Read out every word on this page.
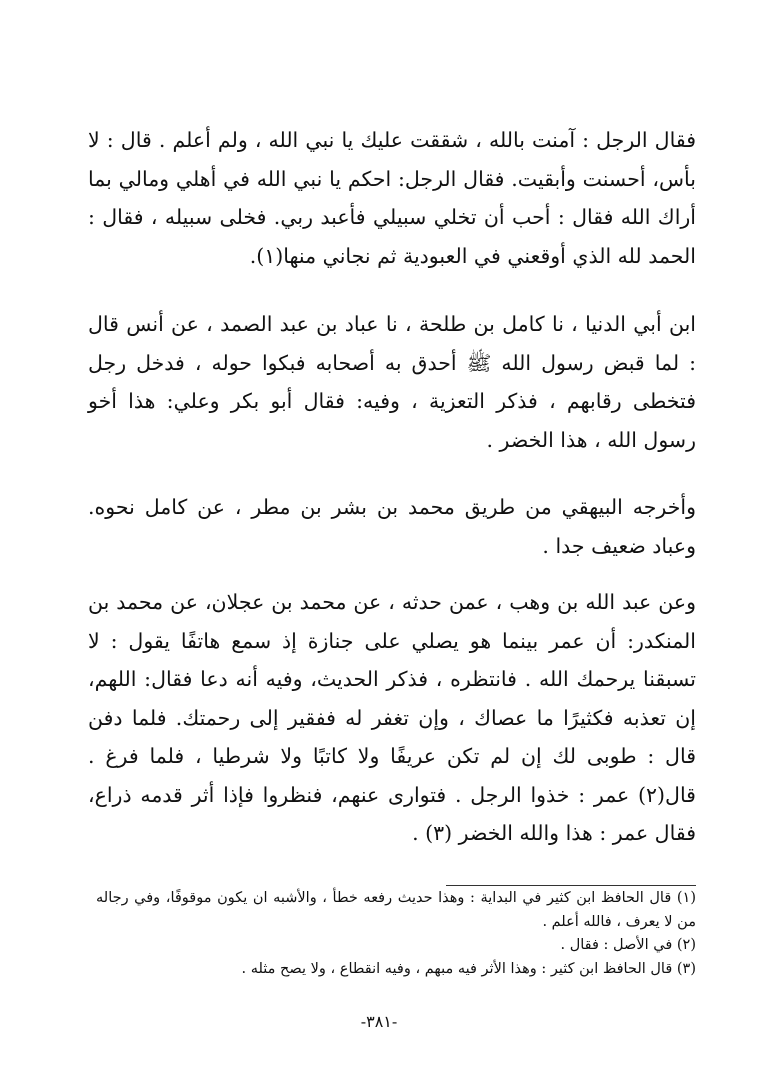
فقال الرجل : آمنت بالله ، شققت عليك يا نبي الله ، ولم أعلم . قال : لا بأس، أحسنت وأبقيت. فقال الرجل: احكم يا نبي الله في أهلي ومالي بما أراك الله فقال : أحب أن تخلي سبيلي فأعبد ربي. فخلى سبيله ، فقال : الحمد لله الذي أوقعني في العبودية ثم نجاني منها(١).

ابن أبي الدنيا ، نا كامل بن طلحة ، نا عباد بن عبد الصمد ، عن أنس قال : لما قبض رسول الله ﷺ أحدق به أصحابه فبكوا حوله ، فدخل رجل فتخطى رقابهم ، فذكر التعزية ، وفيه: فقال أبو بكر وعلي: هذا أخو رسول الله ، هذا الخضر .

وأخرجه البيهقي من طريق محمد بن بشر بن مطر ، عن كامل نحوه. وعباد ضعيف جدا .

وعن عبد الله بن وهب ، عمن حدثه ، عن محمد بن عجلان، عن محمد بن المنكدر: أن عمر بينما هو يصلي على جنازة إذ سمع هاتفًا يقول : لا تسبقنا يرحمك الله . فانتظره ، فذكر الحديث، وفيه أنه دعا فقال: اللهم، إن تعذبه فكثيرًا ما عصاك ، وإن تغفر له ففقير إلى رحمتك. فلما دفن قال : طوبى لك إن لم تكن عريفًا ولا كاتبًا ولا شرطيا ، فلما فرغ . قال(٢) عمر : خذوا الرجل . فتوارى عنهم، فنظروا فإذا أثر قدمه ذراع، فقال عمر : هذا والله الخضر (٣) .

(١) قال الحافظ ابن كثير في البداية : وهذا حديث رفعه خطأ ، والأشبه ان يكون موقوفًا، وفي رجاله من لا يعرف ، فالله أعلم .

(٢) في الأصل : فقال .

(٣) قال الحافظ ابن كثير : وهذا الأثر فيه مبهم ، وفيه انقطاع ، ولا يصح مثله .

-٣٨١-
